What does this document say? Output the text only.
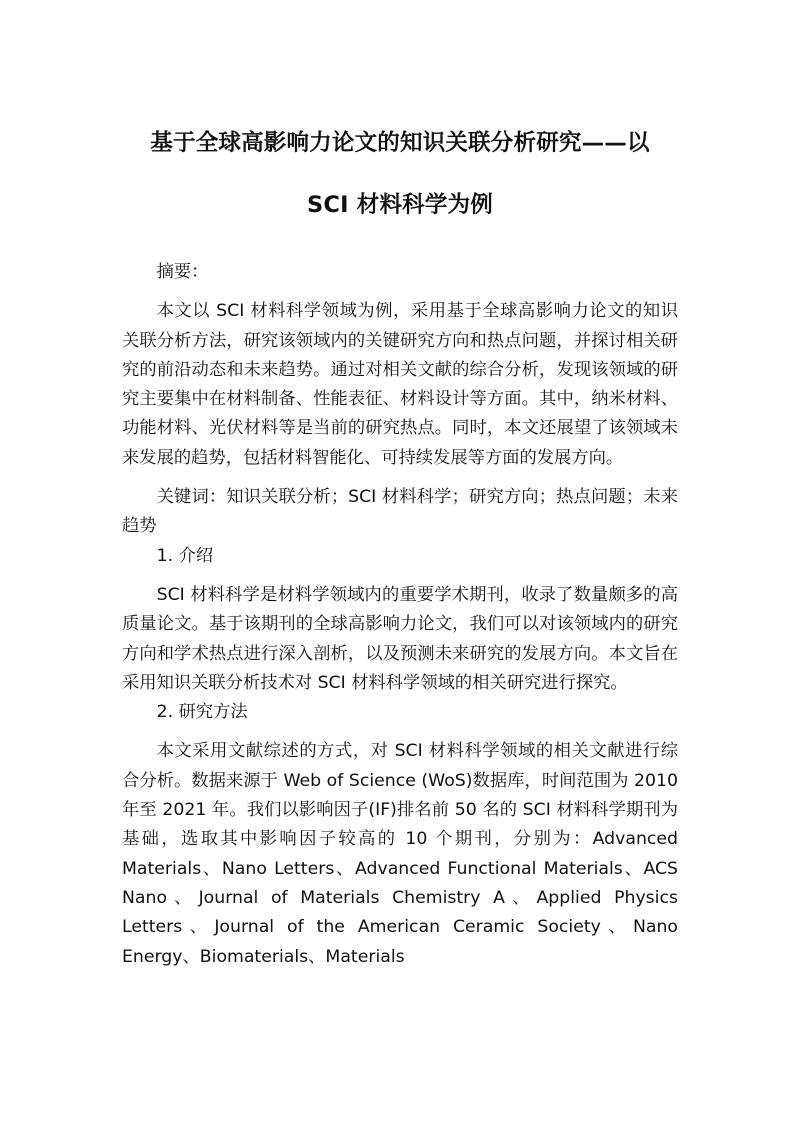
基于全球高影响力论文的知识关联分析研究——以
SCI 材料科学为例

摘要：

本文以 SCI 材料科学领域为例，采用基于全球高影响力论文的知识关联分析方法，研究该领域内的关键研究方向和热点问题，并探讨相关研究的前沿动态和未来趋势。通过对相关文献的综合分析，发现该领域的研究主要集中在材料制备、性能表征、材料设计等方面。其中，纳米材料、功能材料、光伏材料等是当前的研究热点。同时，本文还展望了该领域未来发展的趋势，包括材料智能化、可持续发展等方面的发展方向。

关键词：知识关联分析；SCI 材料科学；研究方向；热点问题；未来趋势

1. 介绍

SCI 材料科学是材料学领域内的重要学术期刊，收录了数量颇多的高质量论文。基于该期刊的全球高影响力论文，我们可以对该领域内的研究方向和学术热点进行深入剖析，以及预测未来研究的发展方向。本文旨在采用知识关联分析技术对 SCI 材料科学领域的相关研究进行探究。

2. 研究方法

本文采用文献综述的方式，对 SCI 材料科学领域的相关文献进行综合分析。数据来源于 Web of Science (WoS)数据库，时间范围为 2010 年至 2021 年。我们以影响因子(IF)排名前 50 名的 SCI 材料科学期刊为基础，选取其中影响因子较高的 10 个期刊，分别为：Advanced Materials、Nano Letters、Advanced Functional Materials、ACS Nano、Journal of Materials Chemistry A、Applied Physics Letters、Journal of the American Ceramic Society、Nano Energy、Biomaterials、Materials
